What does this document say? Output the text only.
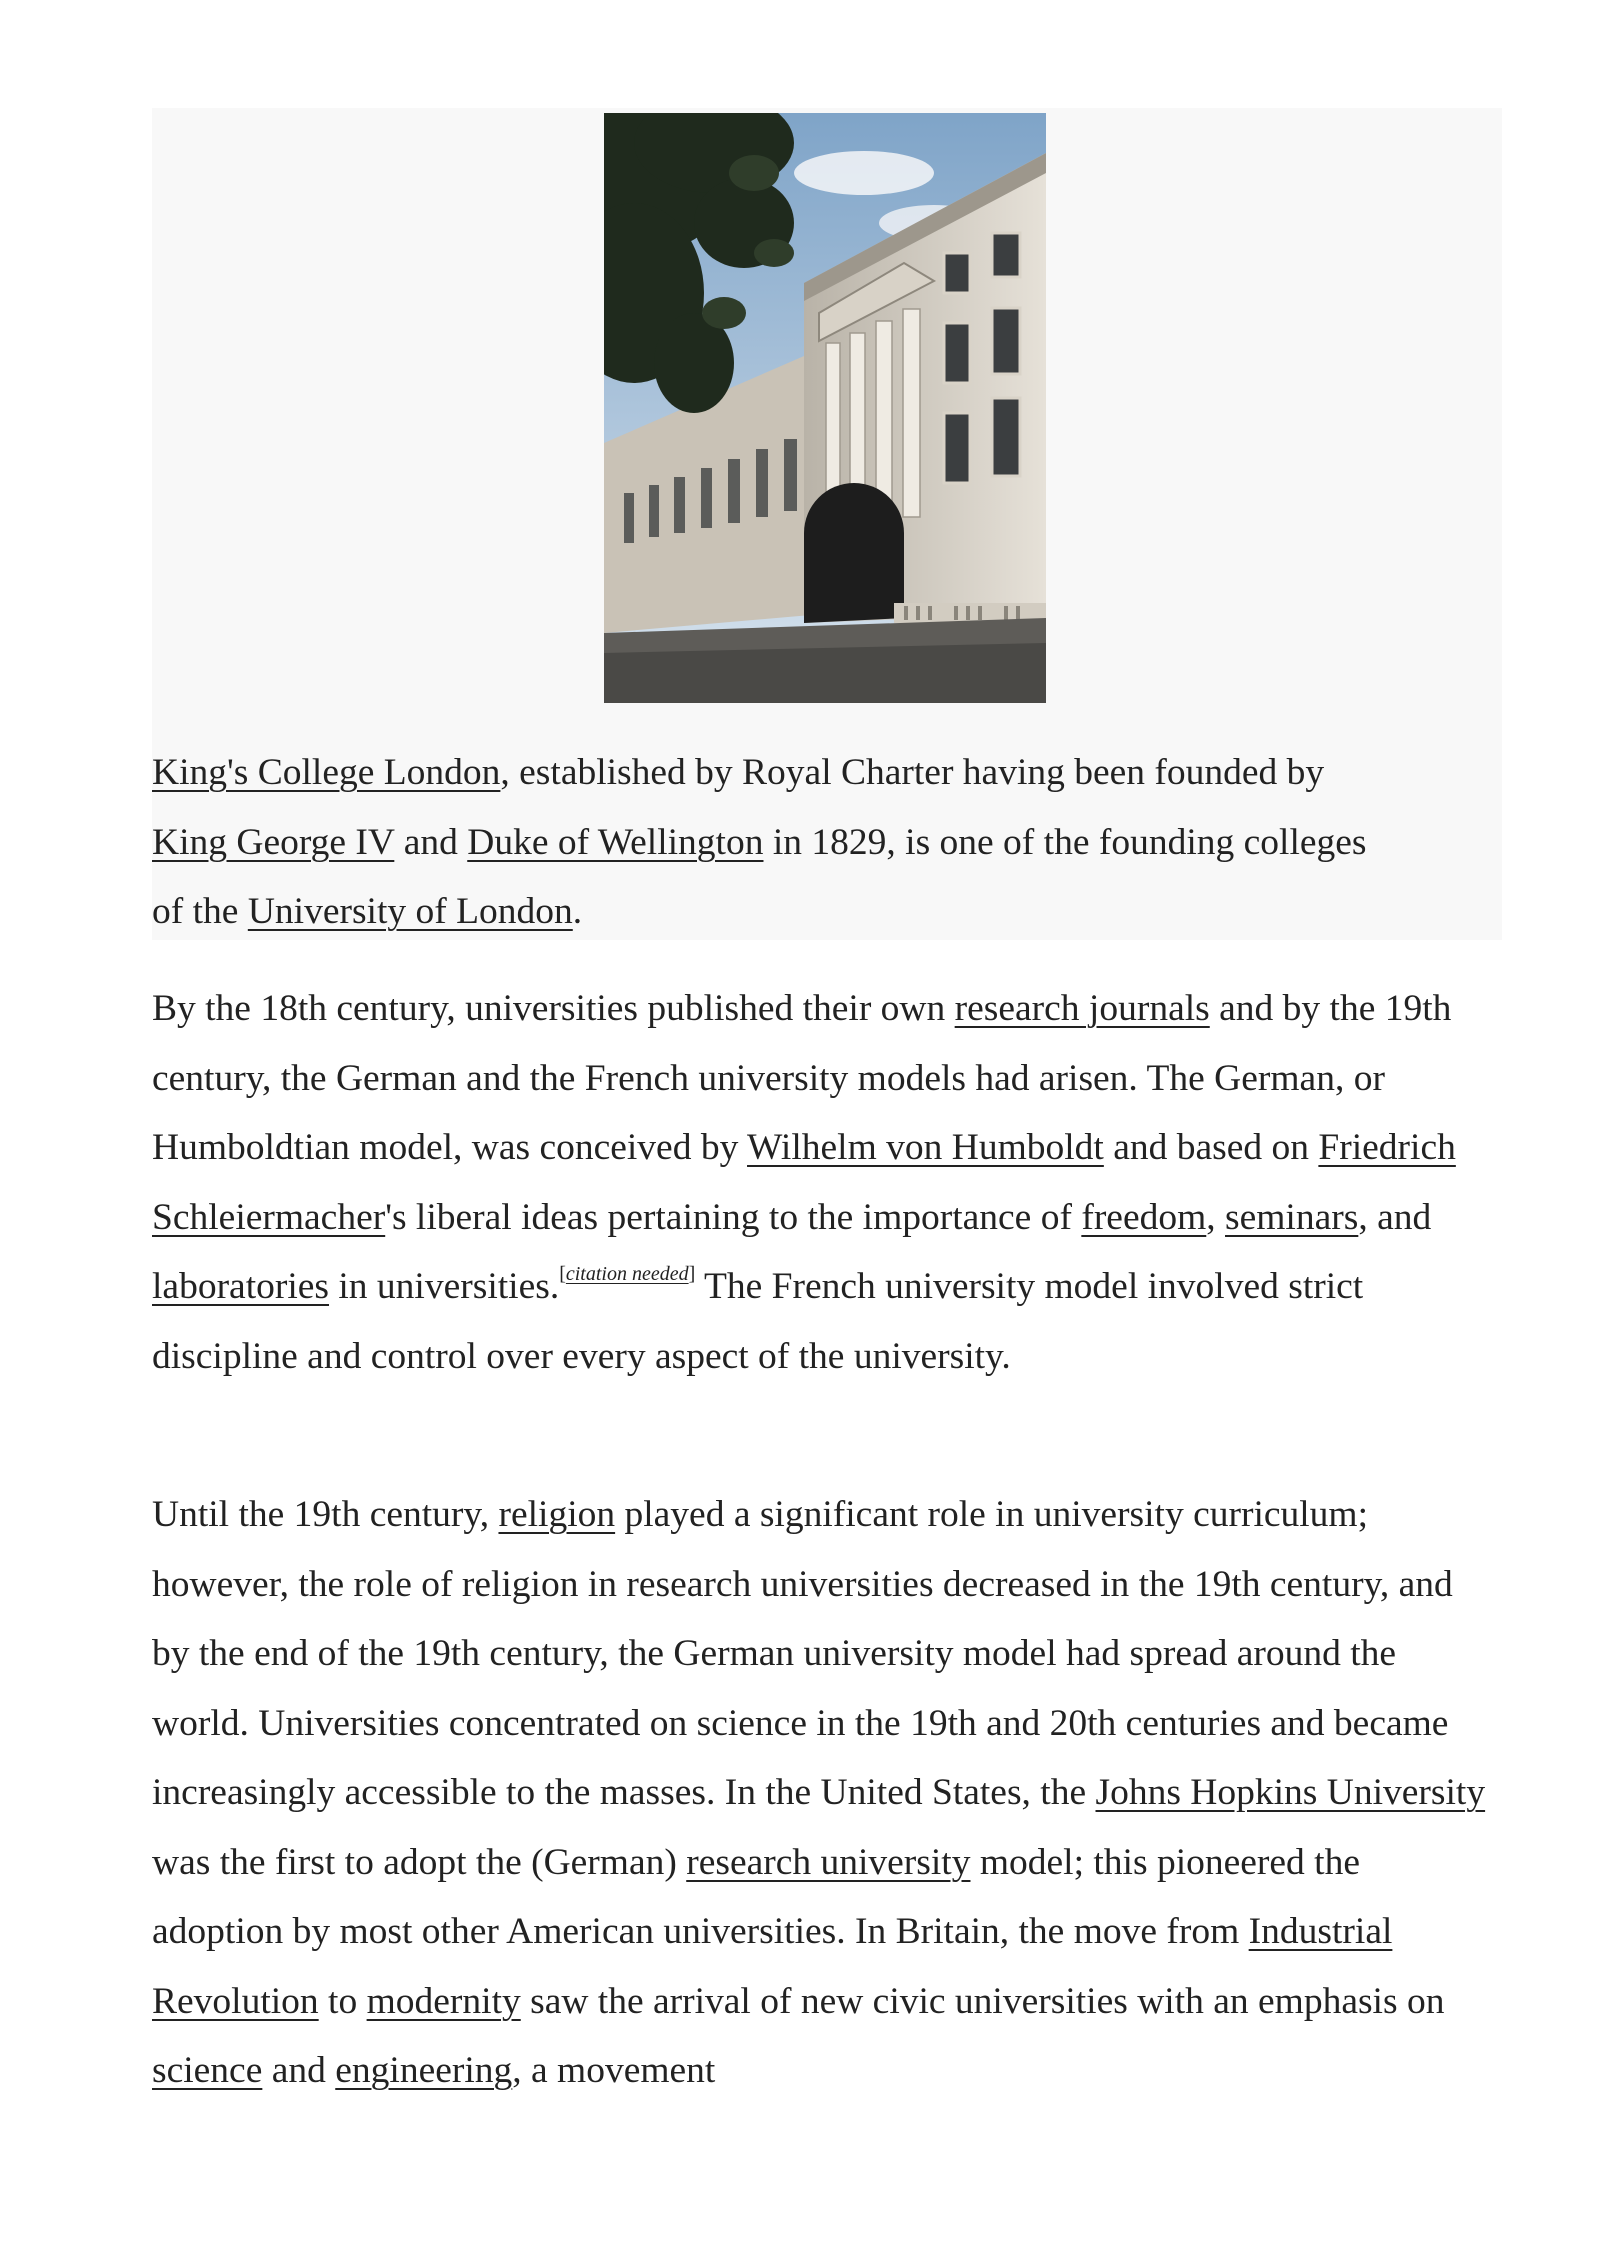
King's College London, established by Royal Charter having been founded by King George IV and Duke of Wellington in 1829, is one of the founding colleges of the University of London.

By the 18th century, universities published their own research journals and by the 19th century, the German and the French university models had arisen. The German, or Humboldtian model, was conceived by Wilhelm von Humboldt and based on Friedrich Schleiermacher's liberal ideas pertaining to the importance of freedom, seminars, and laboratories in universities.[citation needed] The French university model involved strict discipline and control over every aspect of the university.

Until the 19th century, religion played a significant role in university curriculum; however, the role of religion in research universities decreased in the 19th century, and by the end of the 19th century, the German university model had spread around the world. Universities concentrated on science in the 19th and 20th centuries and became increasingly accessible to the masses. In the United States, the Johns Hopkins University was the first to adopt the (German) research university model; this pioneered the adoption by most other American universities. In Britain, the move from Industrial Revolution to modernity saw the arrival of new civic universities with an emphasis on science and engineering, a movement
